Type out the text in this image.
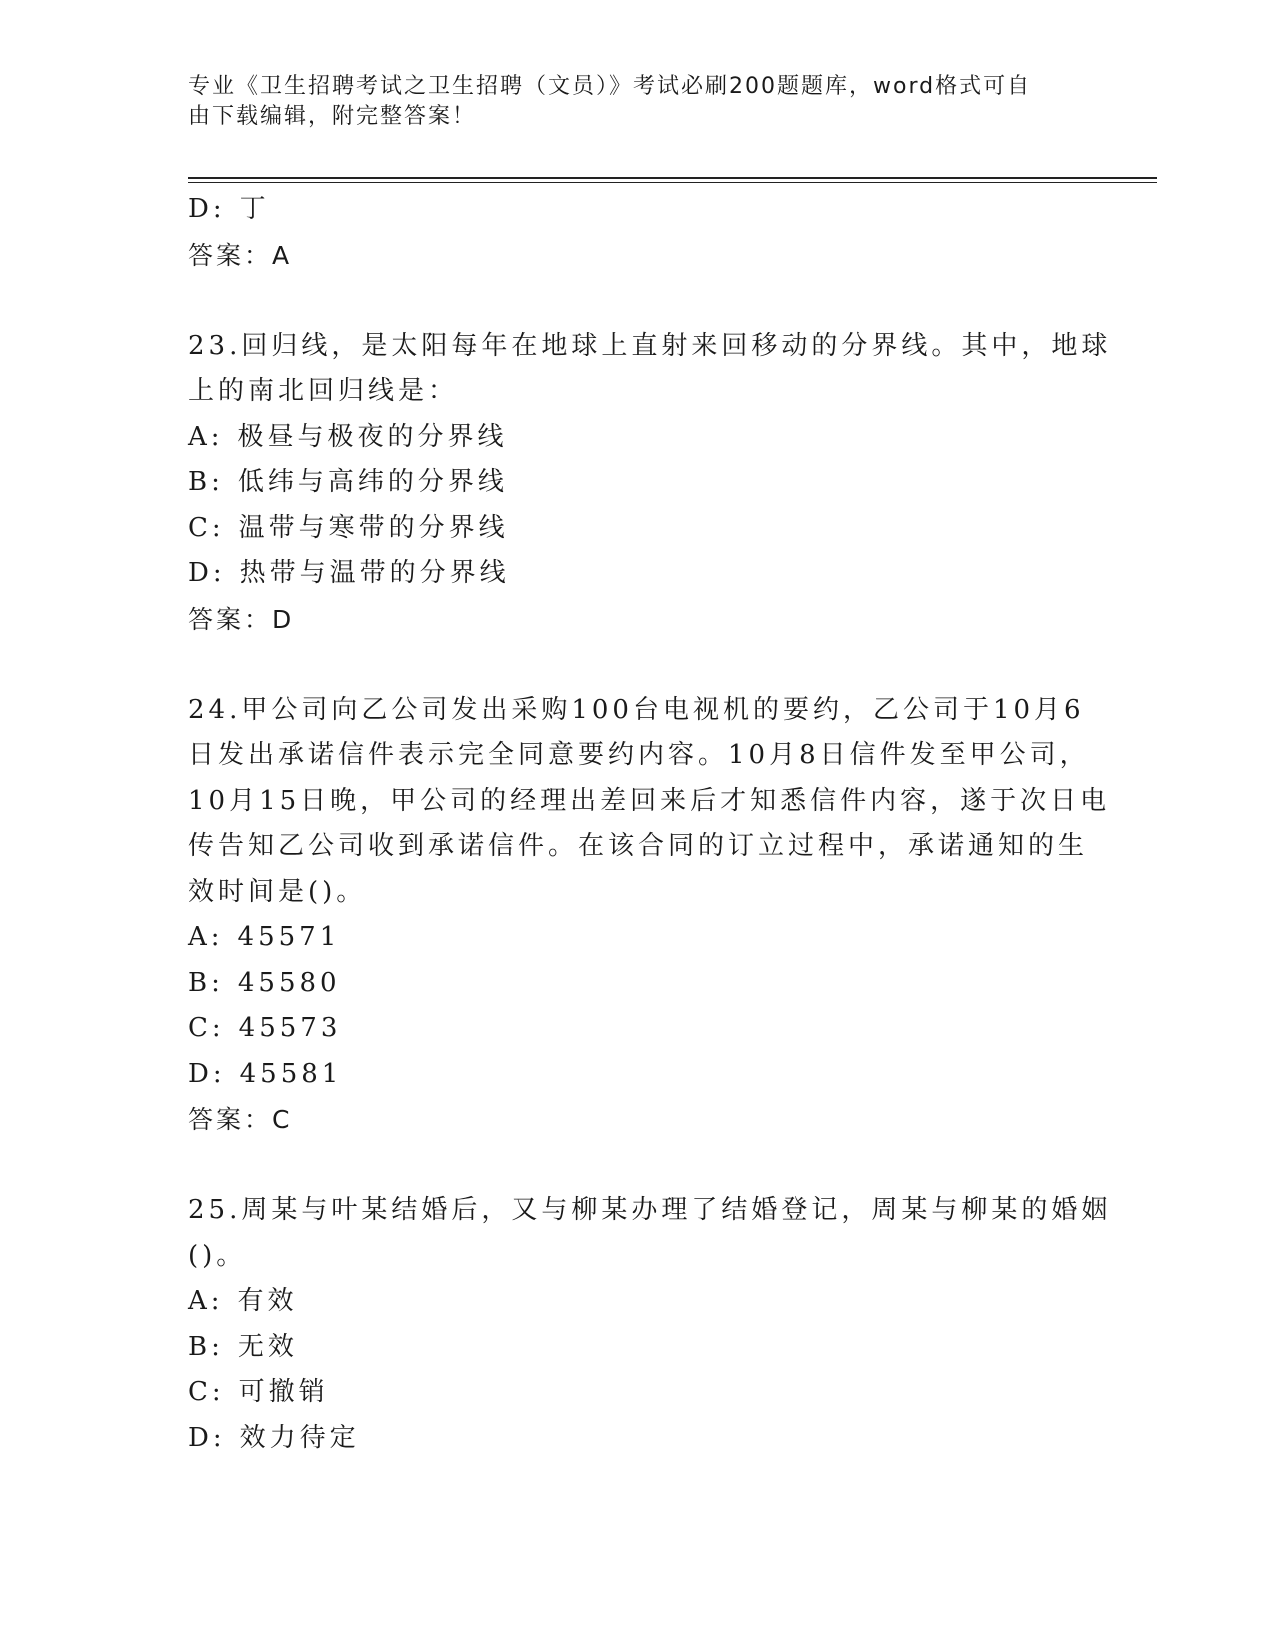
专业《卫生招聘考试之卫生招聘（文员）》考试必刷200题题库，word格式可自
由下载编辑，附完整答案！
D: 丁
答案：A
23.回归线，是太阳每年在地球上直射来回移动的分界线。其中，地球
上的南北回归线是：
A: 极昼与极夜的分界线
B: 低纬与高纬的分界线
C: 温带与寒带的分界线
D: 热带与温带的分界线
答案：D
24.甲公司向乙公司发出采购100台电视机的要约，乙公司于10月6
日发出承诺信件表示完全同意要约内容。10月8日信件发至甲公司，
10月15日晚，甲公司的经理出差回来后才知悉信件内容，遂于次日电
传告知乙公司收到承诺信件。在该合同的订立过程中，承诺通知的生
效时间是()。
A: 45571
B: 45580
C: 45573
D: 45581
答案：C
25.周某与叶某结婚后，又与柳某办理了结婚登记，周某与柳某的婚姻
()。
A: 有效
B: 无效
C: 可撤销
D: 效力待定
